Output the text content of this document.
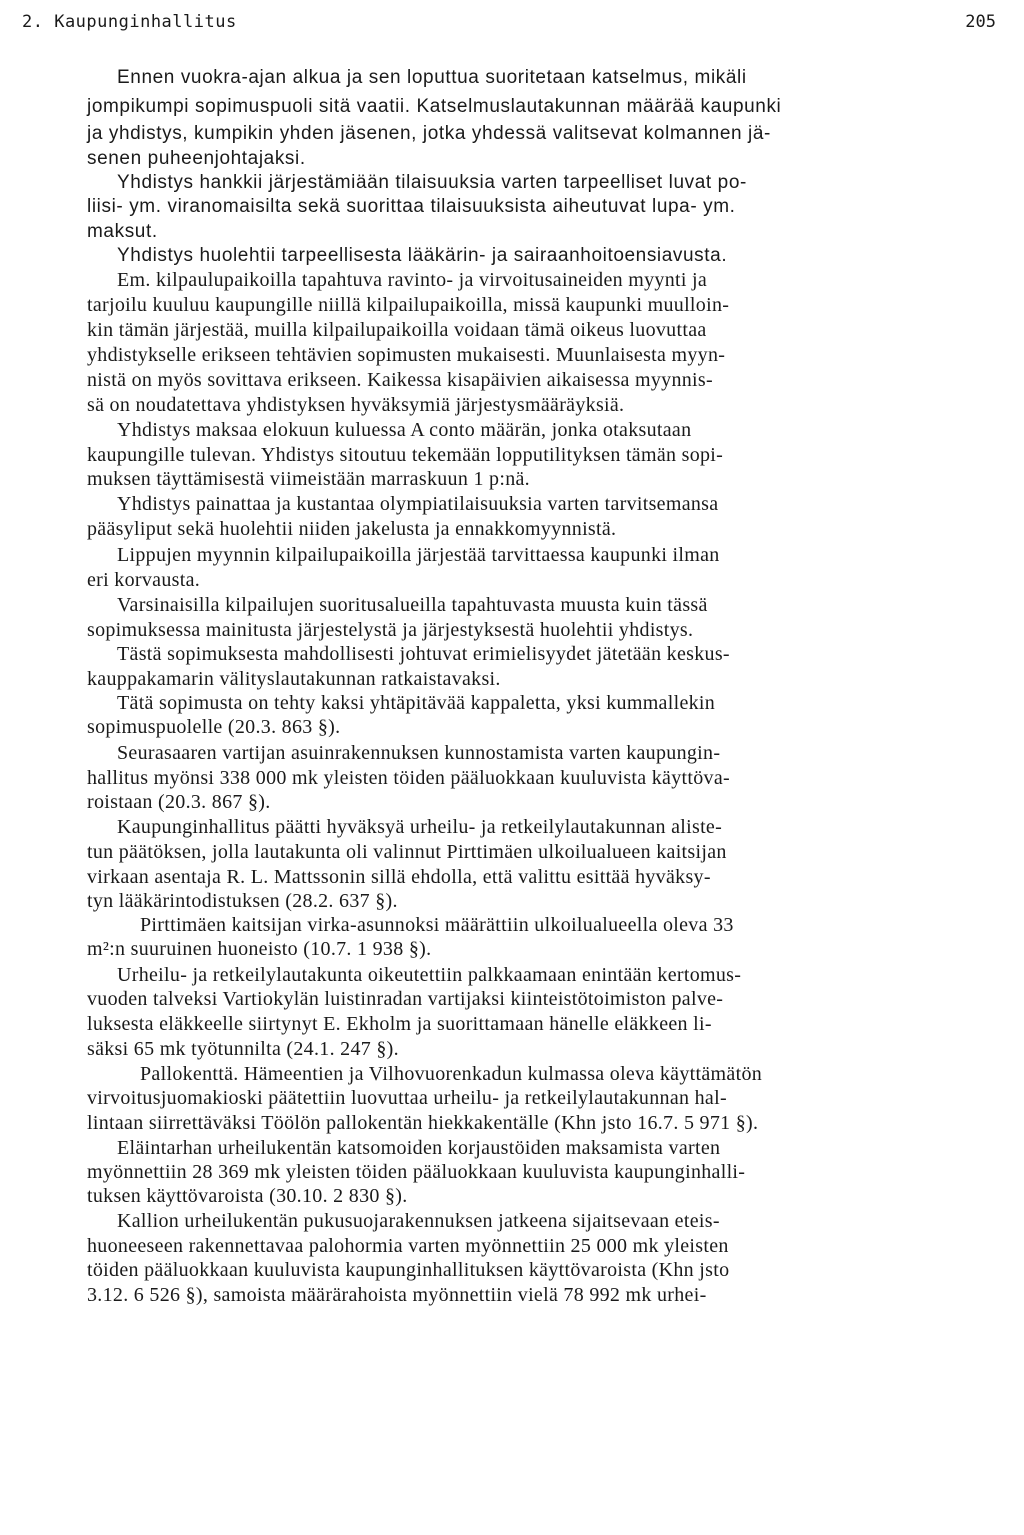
2. Kaupunginhallitus	205
Ennen vuokra-ajan alkua ja sen loputtua suoritetaan katselmus, mikäli
jompikumpi sopimuspuoli sitä vaatii. Katselmuslautakunnan määrää kaupunki
ja yhdistys, kumpikin yhden jäsenen, jotka yhdessä valitsevat kolmannen jä-
senen puheenjohtajaksi.
Yhdistys hankkii järjestämiään tilaisuuksia varten tarpeelliset luvat po-
liisi- ym. viranomaisilta sekä suorittaa tilaisuuksista aiheutuvat lupa- ym.
maksut.
Yhdistys huolehtii tarpeellisesta lääkärin- ja sairaanhoitoensiavusta.
Em. kilpaulupaikoilla tapahtuva ravinto- ja virvoitusaineiden myynti ja
tarjoilu kuuluu kaupungille niillä kilpailupaikoilla, missä kaupunki muulloin-
kin tämän järjestää, muilla kilpailupaikoilla voidaan tämä oikeus luovuttaa
yhdistykselle erikseen tehtävien sopimusten mukaisesti. Muunlaisesta myyn-
nistä on myös sovittava erikseen. Kaikessa kisapäivien aikaisessa myynnis-
sä on noudatettava yhdistyksen hyväksymiä järjestysmääräyksiä.
Yhdistys maksaa elokuun kuluessa A conto määrän, jonka otaksutaan
kaupungille tulevan. Yhdistys sitoutuu tekemään lopputilityksen tämän sopi-
muksen täyttämisestä viimeistään marraskuun 1 p:nä.
Yhdistys painattaa ja kustantaa olympiatilaisuuksia varten tarvitsemansa
pääsyliput sekä huolehtii niiden jakelusta ja ennakkomyynnistä.
Lippujen myynnin kilpailupaikoilla järjestää tarvittaessa kaupunki ilman
eri korvausta.
Varsinaisilla kilpailujen suoritusalueilla tapahtuvasta muusta kuin tässä
sopimuksessa mainitusta järjestelystä ja järjestyksestä huolehtii yhdistys.
Tästä sopimuksesta mahdollisesti johtuvat erimielisyydet jätetään keskus-
kauppakamarin välityslautakunnan ratkaistavaksi.
Tätä sopimusta on tehty kaksi yhtäpitävää kappaletta, yksi kummallekin
sopimuspuolelle (20.3. 863 §).
Seurasaaren vartijan asuinrakennuksen kunnostamista varten kaupungin-
hallitus myönsi 338 000 mk yleisten töiden pääluokkaan kuuluvista käyttöva-
roistaan (20.3. 867 §).
Kaupunginhallitus päätti hyväksyä urheilu- ja retkeilylautakunnan aliste-
tun päätöksen, jolla lautakunta oli valinnut Pirttimäen ulkoilualueen kaitsijan
virkaan asentaja R. L. Mattssonin sillä ehdolla, että valittu esittää hyväksy-
tyn lääkärintodistuksen (28.2. 637 §).
Pirttimäen kaitsijan virka-asunnoksi määrättiin ulkoilualueella oleva 33
m²:n suuruinen huoneisto (10.7. 1 938 §).
Urheilu- ja retkeilylautakunta oikeutettiin palkkaamaan enintään kertomus-
vuoden talveksi Vartiokylän luistinradan vartijaksi kiinteistötoimiston palve-
luksesta eläkkeelle siirtynyt E. Ekholm ja suorittamaan hänelle eläkkeen li-
säksi 65 mk työtunnilta (24.1. 247 §).
Pallokenttä. Hämeentien ja Vilhovuorenkadun kulmassa oleva käyttämätön
virvoitusjuomakioski päätettiin luovuttaa urheilu- ja retkeilylautakunnan hal-
lintaan siirrettäväksi Töölön pallokentän hiekkakentälle (Khn jsto 16.7. 5 971 §).
Eläintarhan urheilukentän katsomoiden korjaustöiden maksamista varten
myönnettiin 28 369 mk yleisten töiden pääluokkaan kuuluvista kaupunginhalli-
tuksen käyttövaroista (30.10. 2 830 §).
Kallion urheilukentän pukusuojarakennuksen jatkeena sijaitsevaan eteis-
huoneeseen rakennettavaa palohormia varten myönnettiin 25 000 mk yleisten
töiden pääluokkaan kuuluvista kaupunginhallituksen käyttövaroista (Khn jsto
3.12. 6 526 §), samoista määrärahoista myönnettiin vielä 78 992 mk urhei-
